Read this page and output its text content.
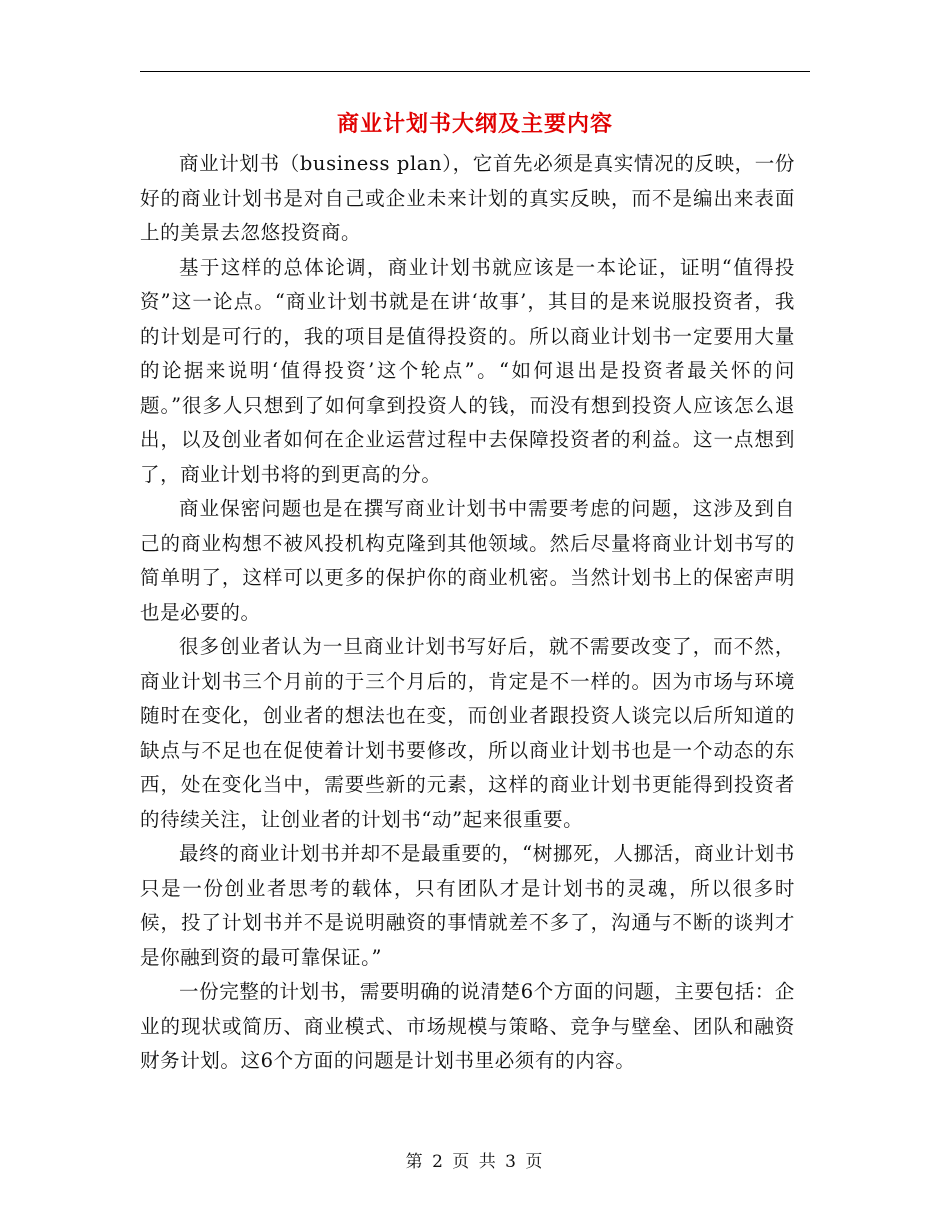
商业计划书大纲及主要内容

商业计划书（business plan），它首先必须是真实情况的反映，一份好的商业计划书是对自己或企业未来计划的真实反映，而不是编出来表面上的美景去忽悠投资商。

基于这样的总体论调，商业计划书就应该是一本论证，证明“值得投资”这一论点。“商业计划书就是在讲‘故事’，其目的是来说服投资者，我的计划是可行的，我的项目是值得投资的。所以商业计划书一定要用大量的论据来说明‘值得投资’这个轮点”。“如何退出是投资者最关怀的问题。”很多人只想到了如何拿到投资人的钱，而没有想到投资人应该怎么退出，以及创业者如何在企业运营过程中去保障投资者的利益。这一点想到了，商业计划书将的到更高的分。

商业保密问题也是在撰写商业计划书中需要考虑的问题，这涉及到自己的商业构想不被风投机构克隆到其他领域。然后尽量将商业计划书写的简单明了，这样可以更多的保护你的商业机密。当然计划书上的保密声明也是必要的。

很多创业者认为一旦商业计划书写好后，就不需要改变了，而不然，商业计划书三个月前的于三个月后的，肯定是不一样的。因为市场与环境随时在变化，创业者的想法也在变，而创业者跟投资人谈完以后所知道的缺点与不足也在促使着计划书要修改，所以商业计划书也是一个动态的东西，处在变化当中，需要些新的元素，这样的商业计划书更能得到投资者的待续关注，让创业者的计划书“动”起来很重要。

最终的商业计划书并却不是最重要的，“树挪死，人挪活，商业计划书只是一份创业者思考的载体，只有团队才是计划书的灵魂，所以很多时候，投了计划书并不是说明融资的事情就差不多了，沟通与不断的谈判才是你融到资的最可靠保证。”

一份完整的计划书，需要明确的说清楚6个方面的问题，主要包括：企业的现状或简历、商业模式、市场规模与策略、竞争与壁垒、团队和融资财务计划。这6个方面的问题是计划书里必须有的内容。

第 2 页 共 3 页
